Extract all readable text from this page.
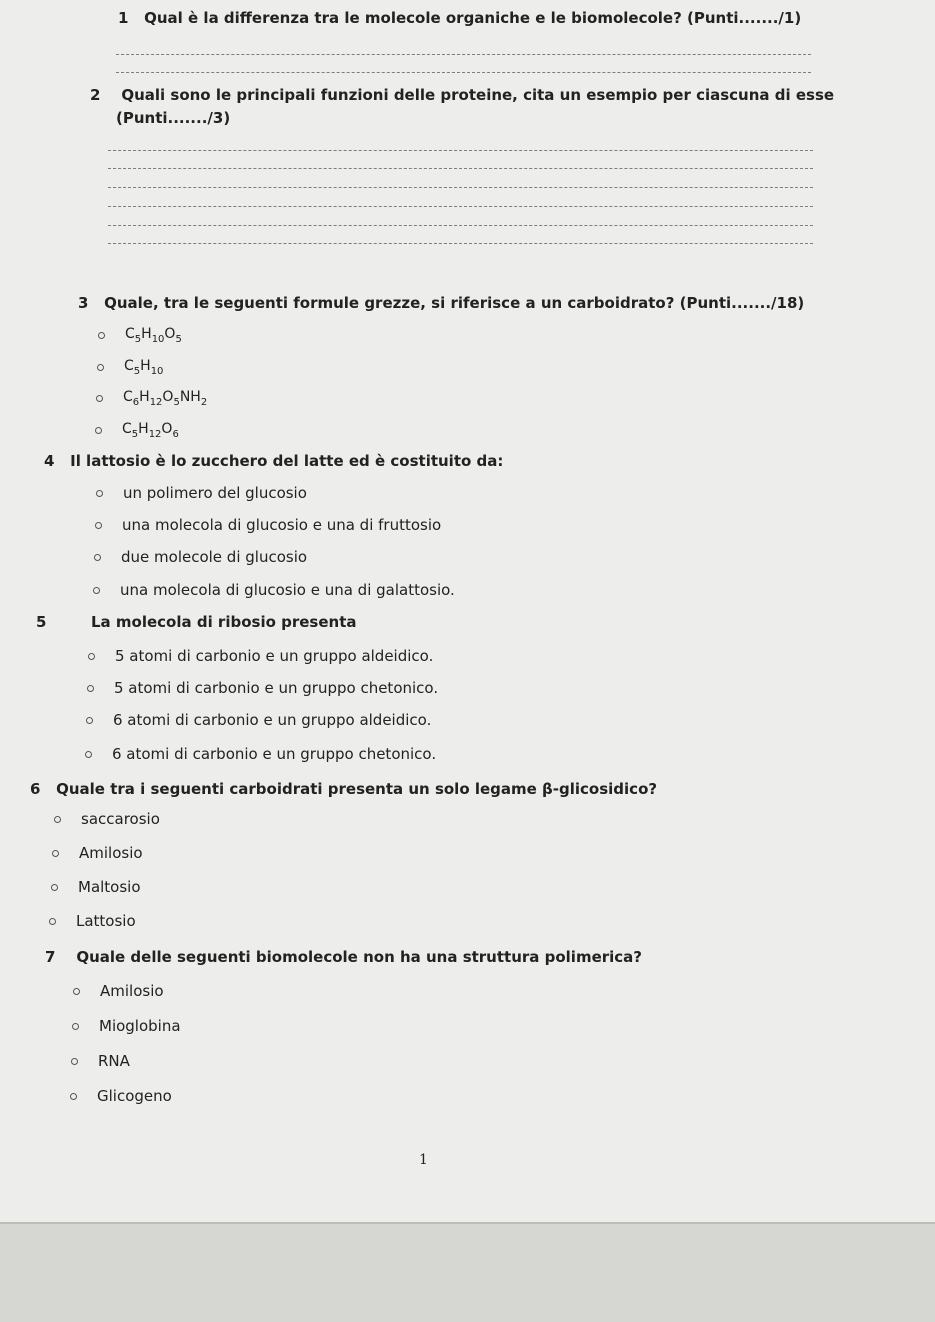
1 Qual è la differenza tra le molecole organiche e le biomolecole? (Punti......./1)
2 Quali sono le principali funzioni delle proteine, cita un esempio per ciascuna di esse
(Punti......./3)
3 Quale, tra le seguenti formule grezze, si riferisce a un carboidrato? (Punti......./18)
$C_5H_{10}O_5$
$C_5H_{10}$
$C_6H_{12}O_5NH_2$
$C_5H_{12}O_6$
4 Il lattosio è lo zucchero del latte ed è costituito da:
un polimero del glucosio
una molecola di glucosio e una di fruttosio
due molecole di glucosio
una molecola di glucosio e una di galattosio.
5	La molecola di ribosio presenta
5 atomi di carbonio e un gruppo aldeidico.
5 atomi di carbonio e un gruppo chetonico.
6 atomi di carbonio e un gruppo aldeidico.
6 atomi di carbonio e un gruppo chetonico.
6 Quale tra i seguenti carboidrati presenta un solo legame β-glicosidico?
saccarosio
Amilosio
Maltosio
Lattosio
7 Quale delle seguenti biomolecole non ha una struttura polimerica?
Amilosio
Mioglobina
RNA
Glicogeno
1
